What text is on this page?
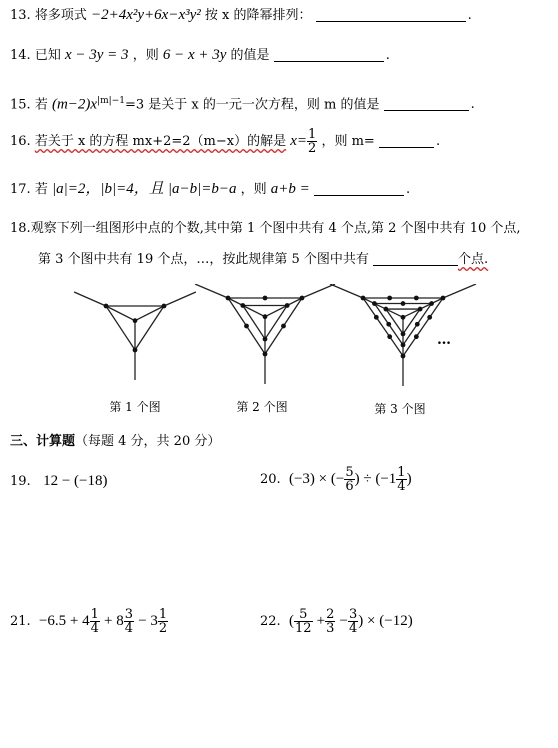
13. 将多项式 −2+4x²y+6x−x³y² 按 x 的降幂排列：	.
14. 已知 x − 3y = 3 ，则 6 − x + 3y 的值是	.
15. 若 $(m-2)x^{|m|-1}=3$ 是关于 x 的一元一次方程，则 m 的值是	.
16. 若关于 x 的方程 mx+2=2（m−x）的解是 $x= \frac{1}{2}$ ，则 m=	.
17. 若 |a|=2，|b|=4，且 |a−b|=b−a ，则 a+b =	.
18.观察下列一组图形中点的个数,其中第 1 个图中共有 4 个点,第 2 个图中共有 10 个点,
第 3 个图中共有 19 个点，…，按此规律第 5 个图中共有	个点.
…
第 1 个图	第 2 个图	第 3 个图
三、计算题（每题 4 分，共 20 分）
19. 12 − (−18)	20. (−3) × (− $\frac{5}{6}$ ) ÷ ($-1 \frac{1}{4}$ )
21. $-6.5 + 4 \frac{1}{4} + 8 \frac{3}{4} - 3 \frac{1}{2}$	22. ( $\frac{5}{12} + \frac{2}{3} - \frac{3}{4}$ ) × (−12)
